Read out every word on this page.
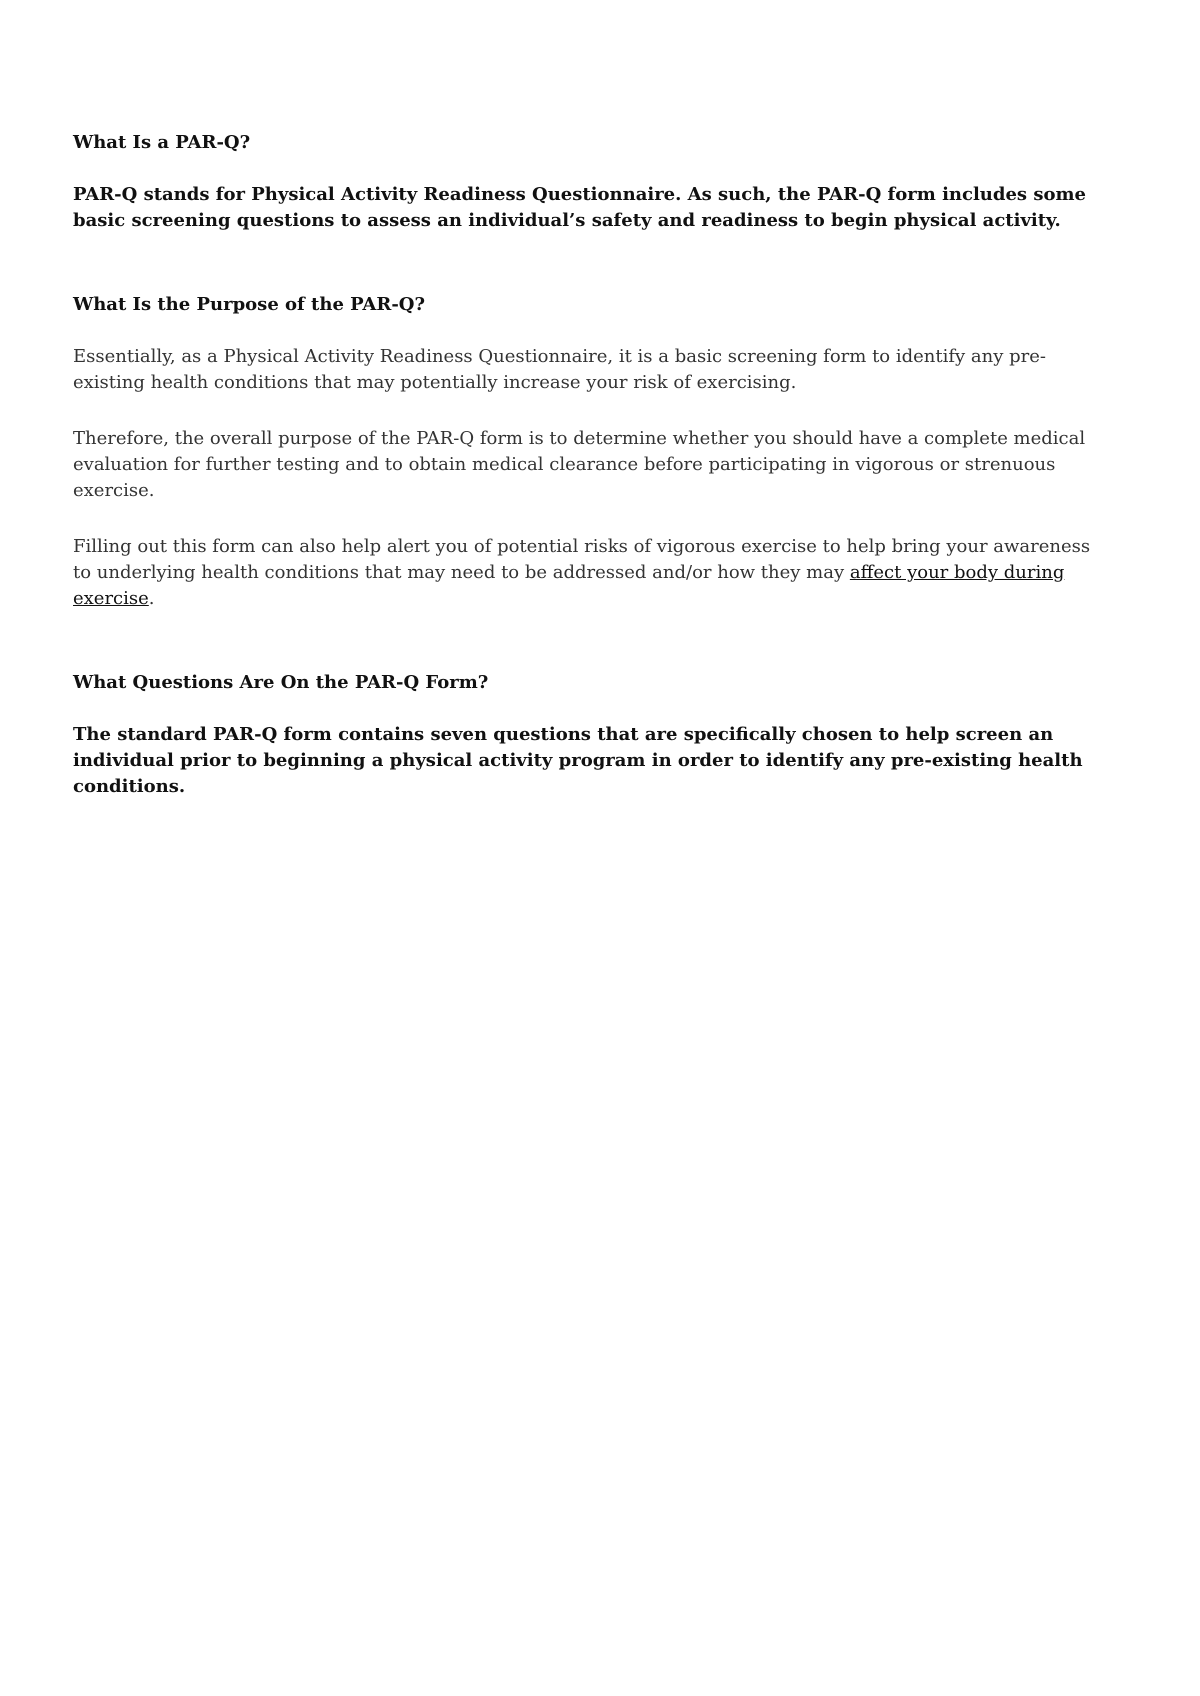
What Is a PAR-Q?

PAR-Q stands for Physical Activity Readiness Questionnaire. As such, the PAR-Q form includes some basic screening questions to assess an individual’s safety and readiness to begin physical activity.

What Is the Purpose of the PAR-Q?

Essentially, as a Physical Activity Readiness Questionnaire, it is a basic screening form to identify any pre-existing health conditions that may potentially increase your risk of exercising.

Therefore, the overall purpose of the PAR-Q form is to determine whether you should have a complete medical evaluation for further testing and to obtain medical clearance before participating in vigorous or strenuous exercise.

Filling out this form can also help alert you of potential risks of vigorous exercise to help bring your awareness to underlying health conditions that may need to be addressed and/or how they may affect your body during exercise.

What Questions Are On the PAR-Q Form?

The standard PAR-Q form contains seven questions that are specifically chosen to help screen an individual prior to beginning a physical activity program in order to identify any pre-existing health conditions.
